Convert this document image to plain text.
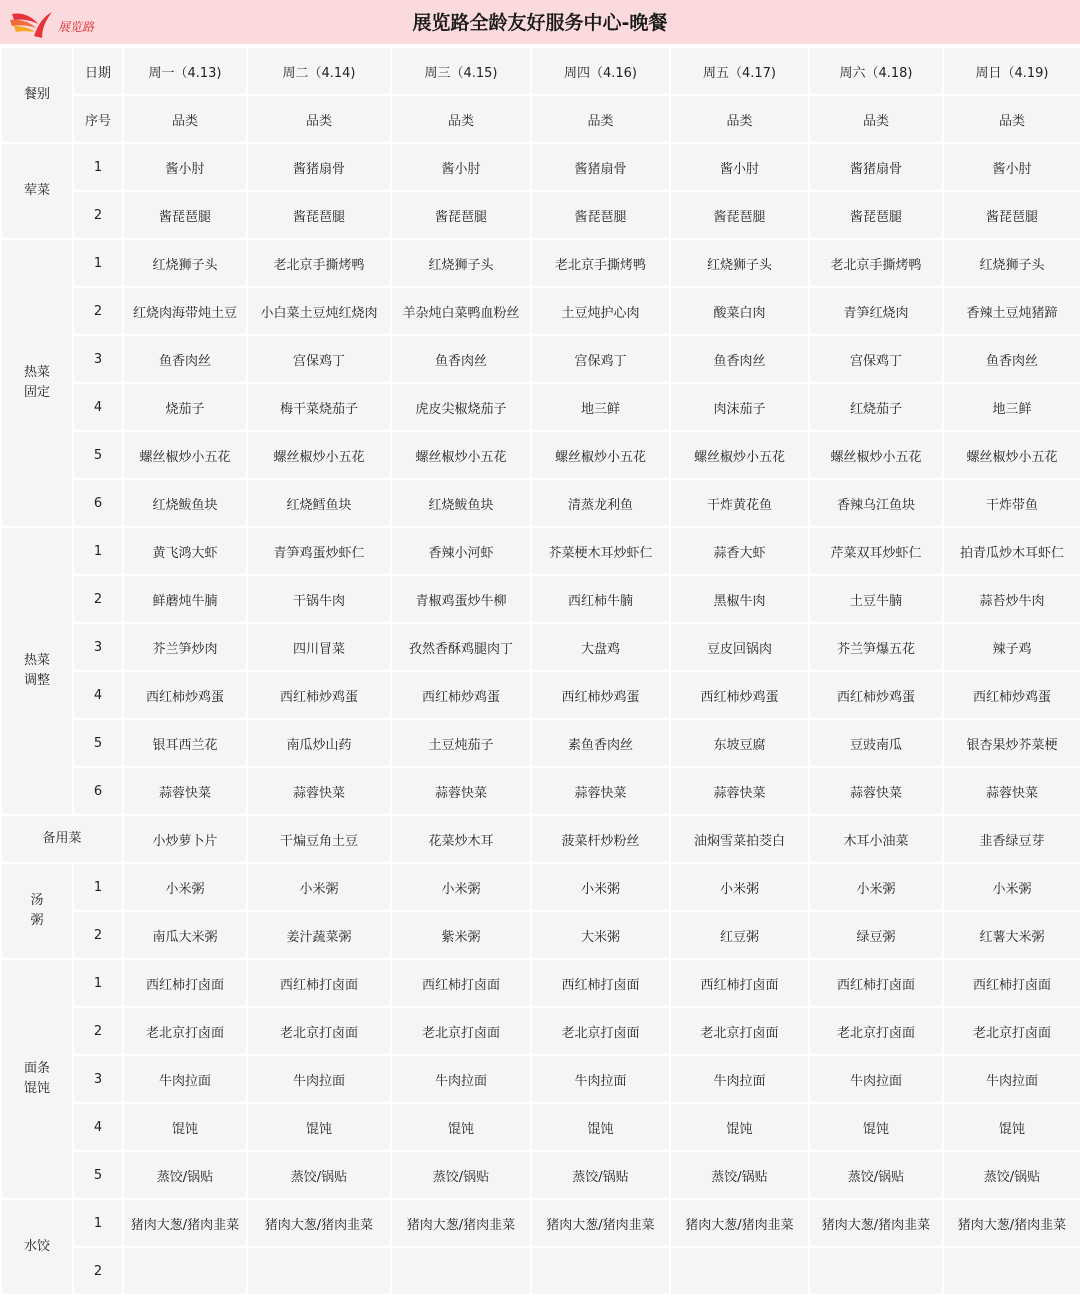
展览路	展览路全龄友好服务中心-晚餐
餐别	日期	周一（4.13)	周二（4.14)	周三（4.15)	周四（4.16)	周五（4.17)	周六（4.18)	周日（4.19)
	序号	品类	品类	品类	品类	品类	品类	品类

荤菜	1	酱小肘	酱猪扇骨	酱小肘	酱猪扇骨	酱小肘	酱猪扇骨	酱小肘
	2	酱琵琶腿	酱琵琶腿	酱琵琶腿	酱琵琶腿	酱琵琶腿	酱琵琶腿	酱琵琶腿

热菜
固定	1	红烧狮子头	老北京手撕烤鸭	红烧狮子头	老北京手撕烤鸭	红烧狮子头	老北京手撕烤鸭	红烧狮子头
	2	红烧肉海带炖土豆	小白菜土豆炖红烧肉	羊杂炖白菜鸭血粉丝	土豆炖护心肉	酸菜白肉	青笋红烧肉	香辣土豆炖猪蹄
	3	鱼香肉丝	宫保鸡丁	鱼香肉丝	宫保鸡丁	鱼香肉丝	宫保鸡丁	鱼香肉丝
	4	烧茄子	梅干菜烧茄子	虎皮尖椒烧茄子	地三鲜	肉沫茄子	红烧茄子	地三鲜
	5	螺丝椒炒小五花	螺丝椒炒小五花	螺丝椒炒小五花	螺丝椒炒小五花	螺丝椒炒小五花	螺丝椒炒小五花	螺丝椒炒小五花
	6	红烧鲅鱼块	红烧鳕鱼块	红烧鲅鱼块	清蒸龙利鱼	干炸黄花鱼	香辣乌江鱼块	干炸带鱼

热菜
调整	1	黄飞鸿大虾	青笋鸡蛋炒虾仁	香辣小河虾	芥菜梗木耳炒虾仁	蒜香大虾	芹菜双耳炒虾仁	拍青瓜炒木耳虾仁
	2	鲜蘑炖牛腩	干锅牛肉	青椒鸡蛋炒牛柳	西红柿牛腩	黑椒牛肉	土豆牛腩	蒜苔炒牛肉
	3	芥兰笋炒肉	四川冒菜	孜然香酥鸡腿肉丁	大盘鸡	豆皮回锅肉	芥兰笋爆五花	辣子鸡
	4	西红柿炒鸡蛋	西红柿炒鸡蛋	西红柿炒鸡蛋	西红柿炒鸡蛋	西红柿炒鸡蛋	西红柿炒鸡蛋	西红柿炒鸡蛋
	5	银耳西兰花	南瓜炒山药	土豆炖茄子	素鱼香肉丝	东坡豆腐	豆豉南瓜	银杏果炒芥菜梗
	6	蒜蓉快菜	蒜蓉快菜	蒜蓉快菜	蒜蓉快菜	蒜蓉快菜	蒜蓉快菜	蒜蓉快菜

备用菜		小炒萝卜片	干煸豆角土豆	花菜炒木耳	菠菜杆炒粉丝	油焖雪菜拍茭白	木耳小油菜	韭香绿豆芽

汤
粥	1	小米粥	小米粥	小米粥	小米粥	小米粥	小米粥	小米粥
	2	南瓜大米粥	姜汁蔬菜粥	紫米粥	大米粥	红豆粥	绿豆粥	红薯大米粥

面条
馄饨	1	西红柿打卤面	西红柿打卤面	西红柿打卤面	西红柿打卤面	西红柿打卤面	西红柿打卤面	西红柿打卤面
	2	老北京打卤面	老北京打卤面	老北京打卤面	老北京打卤面	老北京打卤面	老北京打卤面	老北京打卤面
	3	牛肉拉面	牛肉拉面	牛肉拉面	牛肉拉面	牛肉拉面	牛肉拉面	牛肉拉面
	4	馄饨	馄饨	馄饨	馄饨	馄饨	馄饨	馄饨
	5	蒸饺/锅贴	蒸饺/锅贴	蒸饺/锅贴	蒸饺/锅贴	蒸饺/锅贴	蒸饺/锅贴	蒸饺/锅贴

水饺	1	猪肉大葱/猪肉韭菜	猪肉大葱/猪肉韭菜	猪肉大葱/猪肉韭菜	猪肉大葱/猪肉韭菜	猪肉大葱/猪肉韭菜	猪肉大葱/猪肉韭菜	猪肉大葱/猪肉韭菜
	2							
